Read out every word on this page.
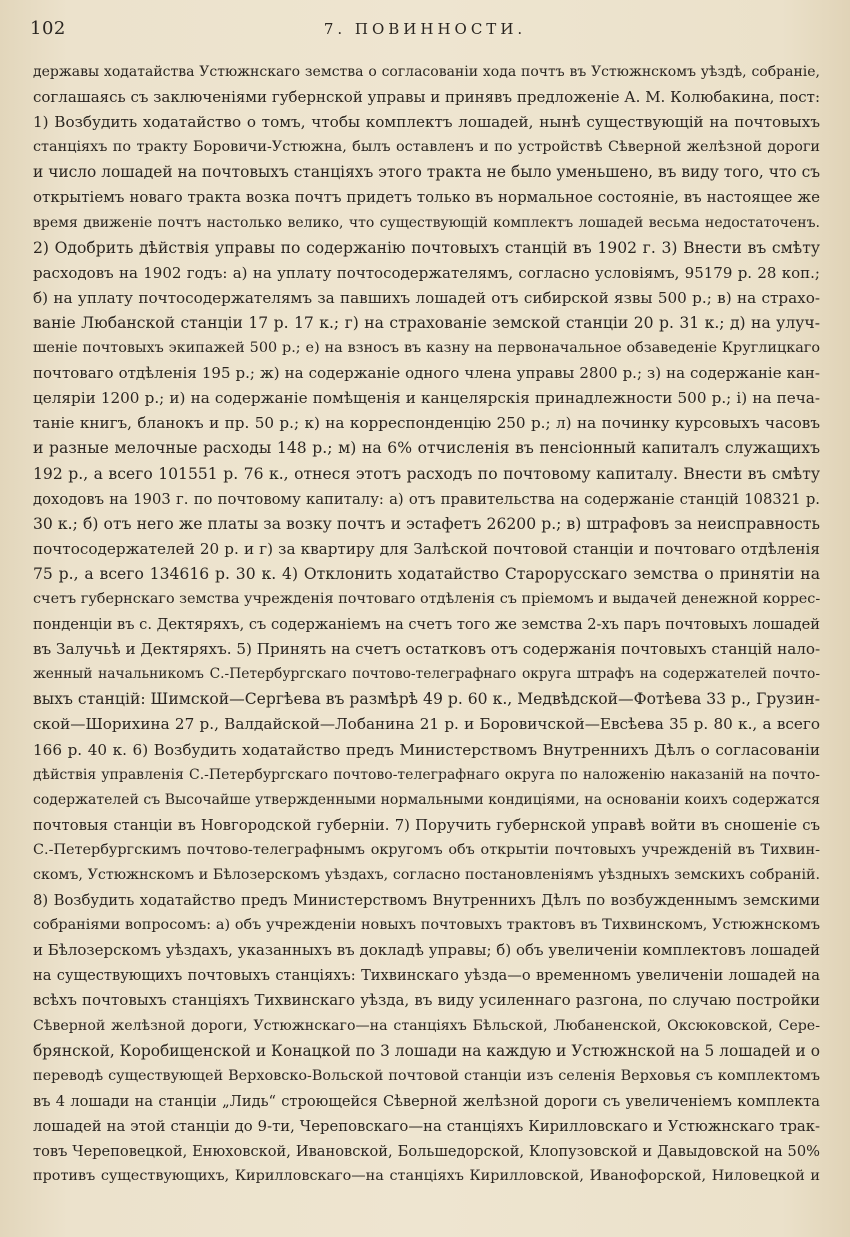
102	7. ПОВИННОСТИ.
державы ходатайства Устюжнскаго земства о согласованіи хода почтъ въ Устюжнскомъ уѣздѣ, собраніе,
соглашаясь съ заключеніями губернской управы и принявъ предложеніе А. М. Колюбакина, пост:
1) Возбудить ходатайство о томъ, чтобы комплектъ лошадей, нынѣ существующій на почтовыхъ
станціяхъ по тракту Боровичи-Устюжна, былъ оставленъ и по устройствѣ Сѣверной желѣзной дороги
и число лошадей на почтовыхъ станціяхъ этого тракта не было уменьшено, въ виду того, что съ
открытіемъ новаго тракта возка почтъ придетъ только въ нормальное состояніе, въ настоящее же
время движеніе почтъ настолько велико, что существующій комплектъ лошадей весьма недостаточенъ.
2) Одобрить дѣйствія управы по содержанію почтовыхъ станцій въ 1902 г. 3) Внести въ смѣту
расходовъ на 1902 годъ: а) на уплату почтосодержателямъ, согласно условіямъ, 95179 р. 28 коп.;
б) на уплату почтосодержателямъ за павшихъ лошадей отъ сибирской язвы 500 р.; в) на страхо-
ваніе Любанской станціи 17 р. 17 к.; г) на страхованіе земской станціи 20 р. 31 к.; д) на улуч-
шеніе почтовыхъ экипажей 500 р.; е) на взносъ въ казну на первоначальное обзаведеніе Круглицкаго
почтоваго отдѣленія 195 р.; ж) на содержаніе одного члена управы 2800 р.; з) на содержаніе кан-
целяріи 1200 р.; и) на содержаніе помѣщенія и канцелярскія принадлежности 500 р.; і) на печа-
таніе книгъ, бланокъ и пр. 50 р.; к) на корреспонденцію 250 р.; л) на починку курсовыхъ часовъ
и разные мелочные расходы 148 р.; м) на 6% отчисленія въ пенсіонный капиталъ служащихъ
192 р., а всего 101551 р. 76 к., отнеся этотъ расходъ по почтовому капиталу. Внести въ смѣту
доходовъ на 1903 г. по почтовому капиталу: а) отъ правительства на содержаніе станцій 108321 р.
30 к.; б) отъ него же платы за возку почтъ и эстафетъ 26200 р.; в) штрафовъ за неисправность
почтосодержателей 20 р. и г) за квартиру для Залѣской почтовой станціи и почтоваго отдѣленія
75 р., а всего 134616 р. 30 к. 4) Отклонить ходатайство Старорусскаго земства о принятіи на
счетъ губернскаго земства учрежденія почтоваго отдѣленія съ пріемомъ и выдачей денежной коррес-
понденціи въ с. Дектяряхъ, съ содержаніемъ на счетъ того же земства 2-хъ паръ почтовыхъ лошадей
въ Залучьѣ и Дектяряхъ. 5) Принять на счетъ остатковъ отъ содержанія почтовыхъ станцій нало-
женный начальникомъ С.-Петербургскаго почтово-телеграфнаго округа штрафъ на содержателей почто-
выхъ станцій: Шимской—Сергѣева въ размѣрѣ 49 р. 60 к., Медвѣдской—Фотѣева 33 р., Грузин-
ской—Шорихина 27 р., Валдайской—Лобанина 21 р. и Боровичской—Евсѣева 35 р. 80 к., а всего
166 р. 40 к. 6) Возбудить ходатайство предъ Министерствомъ Внутреннихъ Дѣлъ о согласованіи
дѣйствія управленія С.-Петербургскаго почтово-телеграфнаго округа по наложенію наказаній на почто-
содержателей съ Высочайше утвержденными нормальными кондиціями, на основаніи коихъ содержатся
почтовыя станціи въ Новгородской губерніи. 7) Поручить губернской управѣ войти въ сношеніе съ
С.-Петербургскимъ почтово-телеграфнымъ округомъ объ открытіи почтовыхъ учрежденій въ Тихвин-
скомъ, Устюжнскомъ и Бѣлозерскомъ уѣздахъ, согласно постановленіямъ уѣздныхъ земскихъ собраній.
8) Возбудить ходатайство предъ Министерствомъ Внутреннихъ Дѣлъ по возбужденнымъ земскими
собраніями вопросомъ: а) объ учрежденіи новыхъ почтовыхъ трактовъ въ Тихвинскомъ, Устюжнскомъ
и Бѣлозерскомъ уѣздахъ, указанныхъ въ докладѣ управы; б) объ увеличеніи комплектовъ лошадей
на существующихъ почтовыхъ станціяхъ: Тихвинскаго уѣзда—о временномъ увеличеніи лошадей на
всѣхъ почтовыхъ станціяхъ Тихвинскаго уѣзда, въ виду усиленнаго разгона, по случаю постройки
Сѣверной желѣзной дороги, Устюжнскаго—на станціяхъ Бѣльской, Любаненской, Оксюковской, Сере-
брянской, Коробищенской и Конацкой по 3 лошади на каждую и Устюжнской на 5 лошадей и о
переводѣ существующей Верховско-Вольской почтовой станціи изъ селенія Верховья съ комплектомъ
въ 4 лошади на станціи „Лидь“ строющейся Сѣверной желѣзной дороги съ увеличеніемъ комплекта
лошадей на этой станціи до 9-ти, Череповскаго—на станціяхъ Кирилловскаго и Устюжнскаго трак-
товъ Череповецкой, Енюховской, Ивановской, Большедорской, Клопузовской и Давыдовской на 50%
противъ существующихъ, Кирилловскаго—на станціяхъ Кирилловской, Иванофорской, Ниловецкой и
